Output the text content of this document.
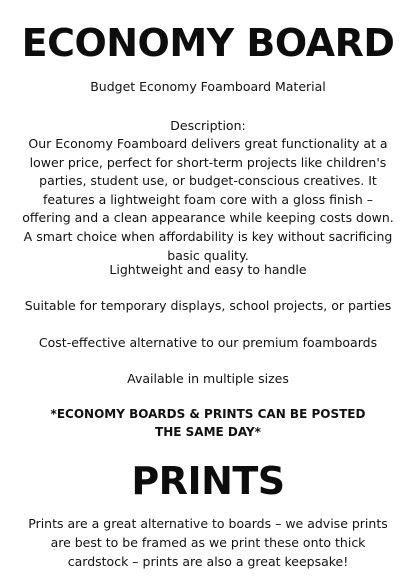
ECONOMY BOARD
Budget Economy Foamboard Material
Description:
Our Economy Foamboard delivers great functionality at a lower price, perfect for short-term projects like children's parties, student use, or budget-conscious creatives. It features a lightweight foam core with a gloss finish – offering and a clean appearance while keeping costs down. A smart choice when affordability is key without sacrificing basic quality.
Lightweight and easy to handle
Suitable for temporary displays, school projects, or parties
Cost-effective alternative to our premium foamboards
Available in multiple sizes
*ECONOMY BOARDS & PRINTS CAN BE POSTED THE SAME DAY*
PRINTS
Prints are a great alternative to boards – we advise prints are best to be framed as we print these onto thick cardstock – prints are also a great keepsake!
